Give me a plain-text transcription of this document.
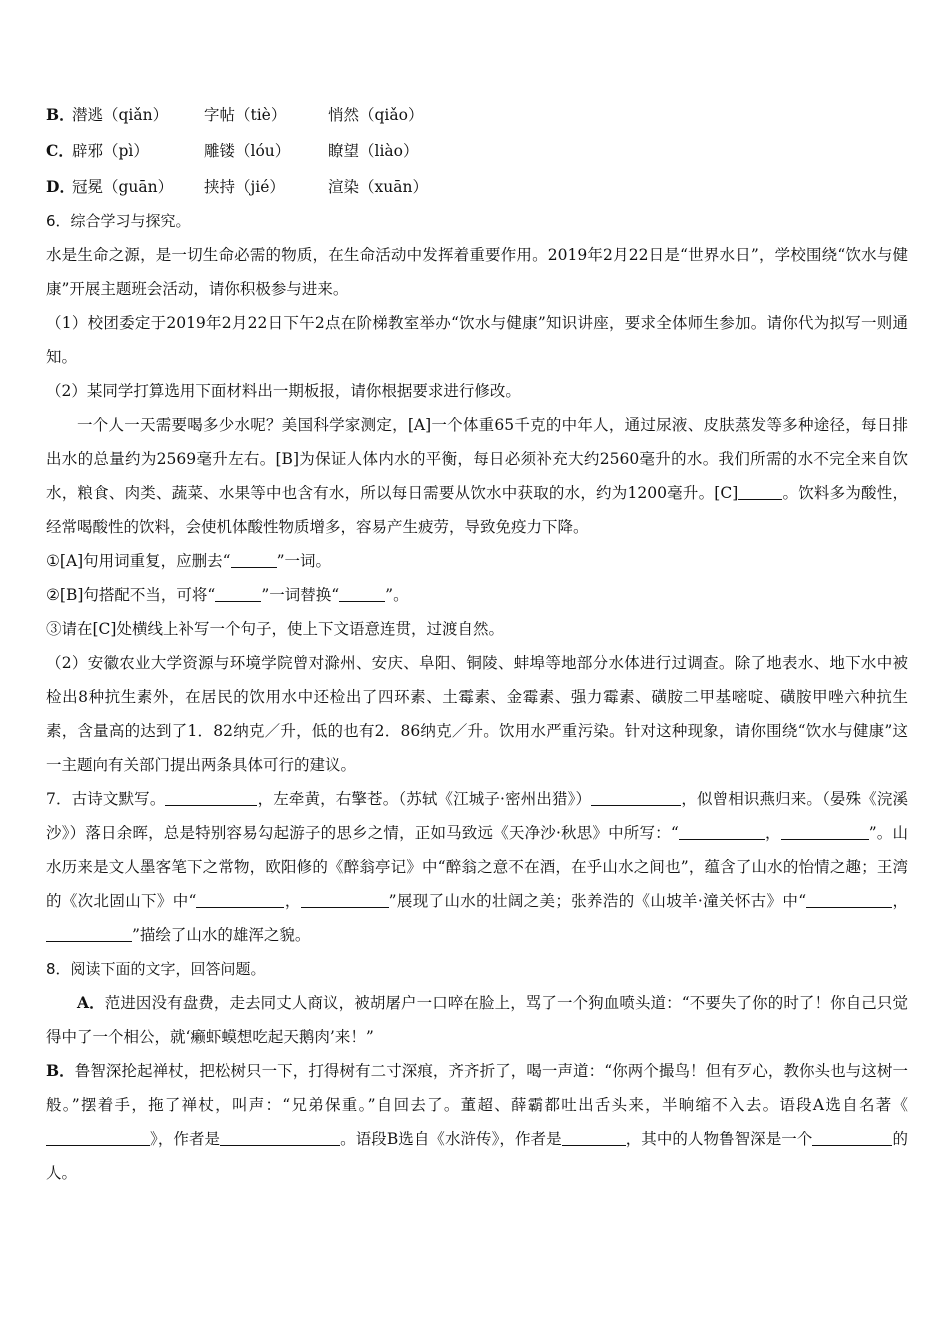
B．
潜逃（qiǎn）	字帖（tiè）	悄然（qiǎo）
C．
辟邪（pì）	雕镂（lóu）	瞭望（liào）
D．
冠冕（guān）	挟持（jié）	渲染（xuān）

6．综合学习与探究。

水是生命之源，是一切生命必需的物质，在生命活动中发挥着重要作用。2019年2月22日是“世界水日”，学校围绕“饮水与健康”开展主题班会活动，请你积极参与进来。

（1）校团委定于2019年2月22日下午2点在阶梯教室举办“饮水与健康”知识讲座，要求全体师生参加。请你代为拟写一则通知。

（2）某同学打算选用下面材料出一期板报，请你根据要求进行修改。

一个人一天需要喝多少水呢？美国科学家测定，[A]一个体重65千克的中年人，通过尿液、皮肤蒸发等多种途径，每日排出水的总量约为2569毫升左右。[B]为保证人体内水的平衡，每日必须补充大约2560毫升的水。我们所需的水不完全来自饮水，粮食、肉类、蔬菜、水果等中也含有水，所以每日需要从饮水中获取的水，约为1200毫升。[C]	。饮料多为酸性，经常喝酸性的饮料，会使机体酸性物质增多，容易产生疲劳，导致免疫力下降。

①[A]句用词重复，应删去“	”一词。

②[B]句搭配不当，可将“	”一词替换“	”。

③请在[C]处横线上补写一个句子，使上下文语意连贯，过渡自然。

（2）安徽农业大学资源与环境学院曾对滁州、安庆、阜阳、铜陵、蚌埠等地部分水体进行过调查。除了地表水、地下水中被检出8种抗生素外，在居民的饮用水中还检出了四环素、土霉素、金霉素、强力霉素、磺胺二甲基嘧啶、磺胺甲唑六种抗生素，含量高的达到了1．82纳克／升，低的也有2．86纳克／升。饮用水严重污染。针对这种现象，请你围绕“饮水与健康”这一主题向有关部门提出两条具体可行的建议。

7．古诗文默写。	，左牵黄，右擎苍。（苏轼《江城子·密州出猎》）	，似曾相识燕归来。（晏殊《浣溪沙》）落日余晖，总是特别容易勾起游子的思乡之情，正如马致远《天净沙·秋思》中所写：“	，	”。山水历来是文人墨客笔下之常物，欧阳修的《醉翁亭记》中“醉翁之意不在酒，在乎山水之间也”，蕴含了山水的怡情之趣；王湾的《次北固山下》中“	，	”展现了山水的壮阔之美；张养浩的《山坡羊·潼关怀古》中“	，”描绘了山水的雄浑之貌。

8．阅读下面的文字，回答问题。

A．范进因没有盘费，走去同丈人商议，被胡屠户一口啐在脸上，骂了一个狗血喷头道：“不要失了你的时了！你自己只觉得中了一个相公，就‘癞虾蟆想吃起天鹅肉’来！”

B．鲁智深抡起禅杖，把松树只一下，打得树有二寸深痕，齐齐折了，喝一声道：“你两个撮鸟！但有歹心，教你头也与这树一般。”摆着手，拖了禅杖，叫声：“兄弟保重。”自回去了。董超、薛霸都吐出舌头来，半晌缩不入去。语段A选自名著《》，作者是	。语段B选自《水浒传》，作者是	，其中的人物鲁智深是一个	的人。
